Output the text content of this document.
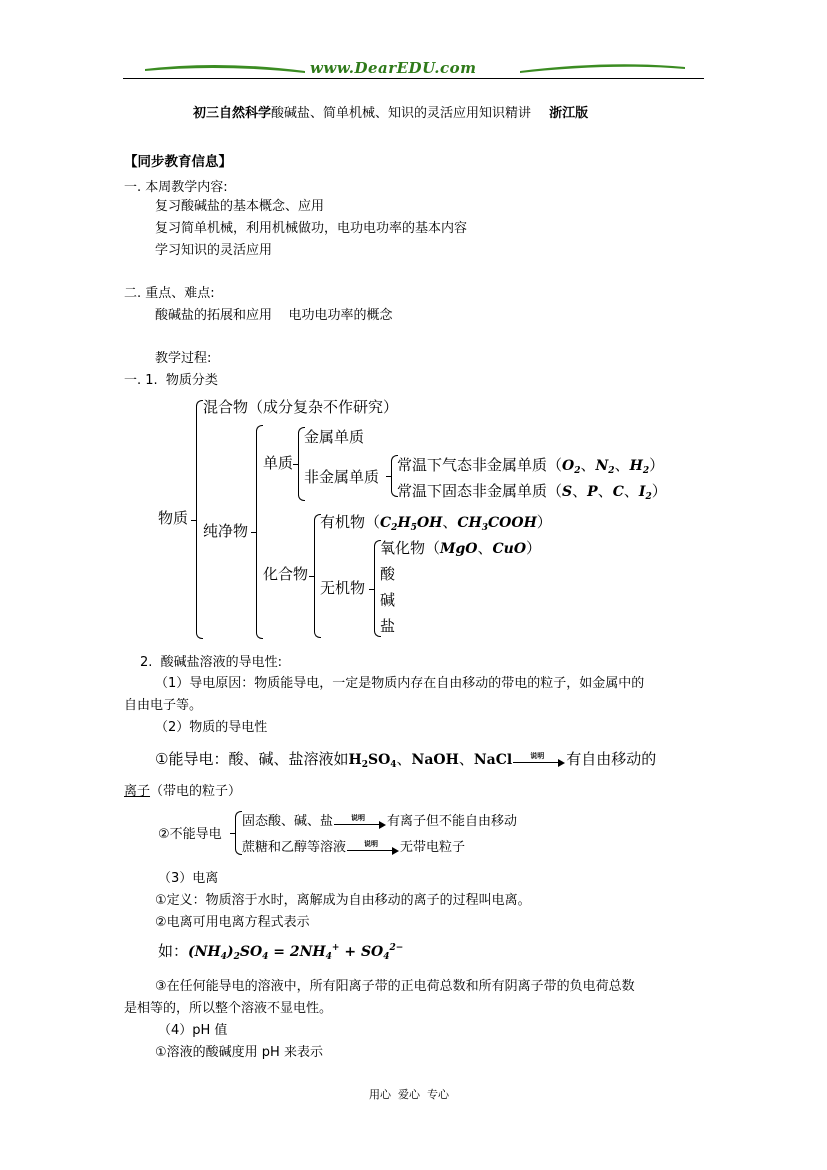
www.DearEDU.com
初三自然科学酸碱盐、简单机械、知识的灵活应用知识精讲 浙江版
【同步教育信息】
一. 本周教学内容:
复习酸碱盐的基本概念、应用
复习简单机械，利用机械做功，电功电功率的基本内容
学习知识的灵活应用
二. 重点、难点:
酸碱盐的拓展和应用    电功电功率的概念
教学过程:
一. 1.  物质分类
物质
混合物（成分复杂不作研究）
纯净物
单质
金属单质
非金属单质
常温下气态非金属单质（$O_2$、$N_2$、$H_2$）
常温下固态非金属单质（S、P、C、$I_2$）
化合物
有机物（$C_2H_5OH$、$CH_3COOH$）
无机物
氧化物（MgO、CuO）
酸
碱
盐
2.  酸碱盐溶液的导电性:
（1）导电原因：物质能导电，一定是物质内存在自由移动的带电的粒子，如金属中的
自由电子等。
（2）物质的导电性
①能导电：酸、碱、盐溶液如$H_2SO_4$、NaOH、NaCl	说明	有自由移动的
离子（带电的粒子）
②不能导电
固态酸、碱、盐	说明	有离子但不能自由移动
蔗糖和乙醇等溶液	说明	无带电粒子
（3）电离
①定义：物质溶于水时，离解成为自由移动的离子的过程叫电离。
②电离可用电离方程式表示
如：$(NH_4)_2SO_4 = 2NH_4^+ + SO_4^{2-}$
③在任何能导电的溶液中，所有阳离子带的正电荷总数和所有阴离子带的负电荷总数
是相等的，所以整个溶液不显电性。
（4）pH 值
①溶液的酸碱度用 pH 来表示
用心  爱心  专心
